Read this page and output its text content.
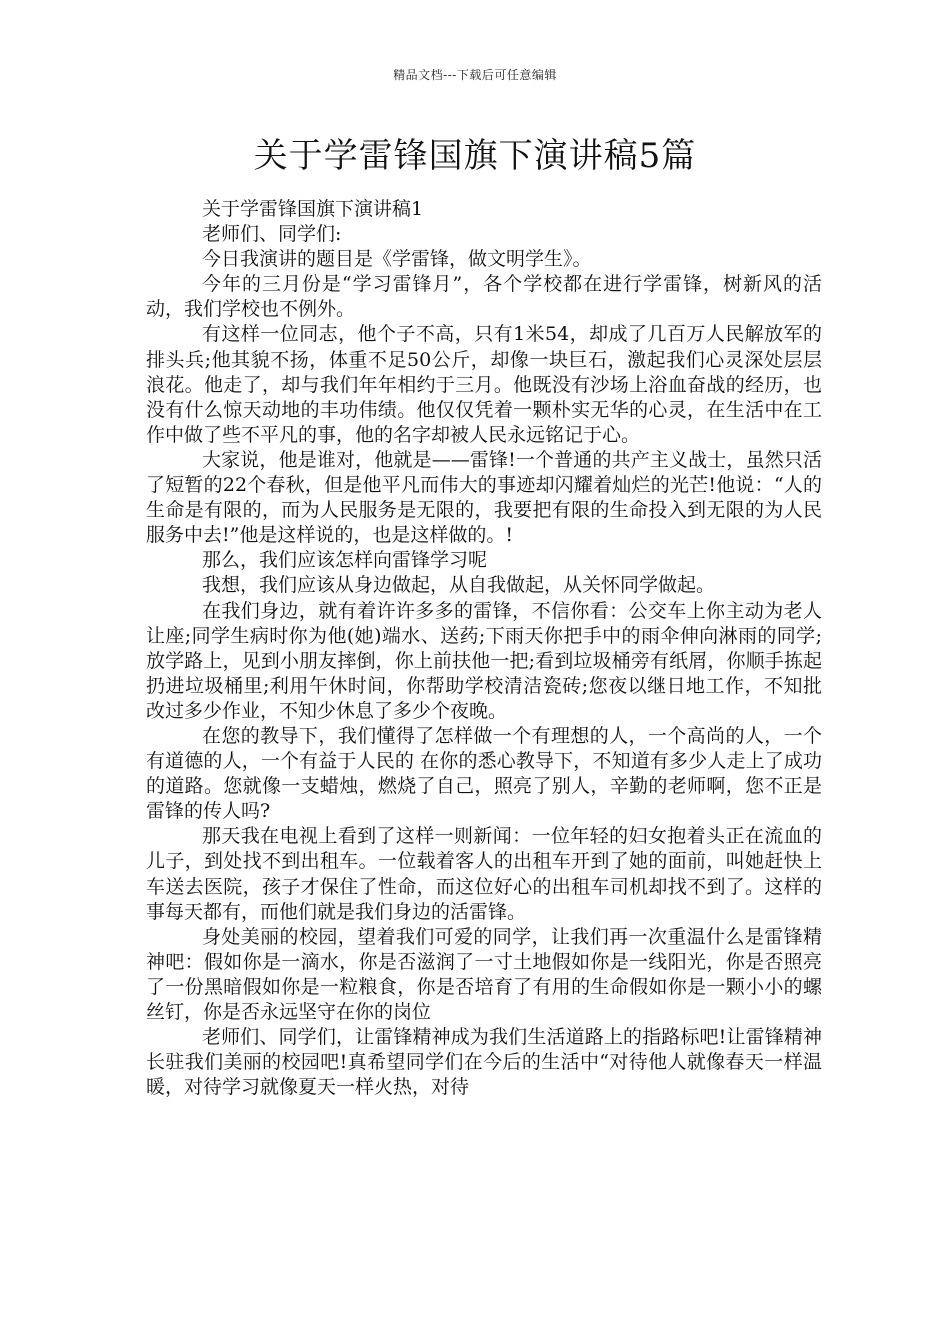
精品文档---下载后可任意编辑
关于学雷锋国旗下演讲稿5篇

关于学雷锋国旗下演讲稿1

老师们、同学们:

今日我演讲的题目是《学雷锋，做文明学生》。

今年的三月份是“学习雷锋月”，各个学校都在进行学雷锋，树新风的活动，我们学校也不例外。

有这样一位同志，他个子不高，只有1米54，却成了几百万人民解放军的排头兵;他其貌不扬，体重不足50公斤，却像一块巨石，激起我们心灵深处层层浪花。他走了，却与我们年年相约于三月。他既没有沙场上浴血奋战的经历，也没有什么惊天动地的丰功伟绩。他仅仅凭着一颗朴实无华的心灵，在生活中在工作中做了些不平凡的事，他的名字却被人民永远铭记于心。

大家说，他是谁对，他就是——雷锋!一个普通的共产主义战士，虽然只活了短暂的22个春秋，但是他平凡而伟大的事迹却闪耀着灿烂的光芒!他说：“人的生命是有限的，而为人民服务是无限的，我要把有限的生命投入到无限的为人民服务中去!”他是这样说的，也是这样做的。!

那么，我们应该怎样向雷锋学习呢

我想，我们应该从身边做起，从自我做起，从关怀同学做起。

在我们身边，就有着许许多多的雷锋，不信你看：公交车上你主动为老人让座;同学生病时你为他(她)端水、送药;下雨天你把手中的雨伞伸向淋雨的同学;放学路上，见到小朋友摔倒，你上前扶他一把;看到垃圾桶旁有纸屑，你顺手拣起扔进垃圾桶里;利用午休时间，你帮助学校清洁瓷砖;您夜以继日地工作，不知批改过多少作业，不知少休息了多少个夜晚。

在您的教导下，我们懂得了怎样做一个有理想的人，一个高尚的人，一个有道德的人，一个有益于人民的 在你的悉心教导下，不知道有多少人走上了成功的道路。您就像一支蜡烛，燃烧了自己，照亮了别人，辛勤的老师啊，您不正是雷锋的传人吗?

那天我在电视上看到了这样一则新闻：一位年轻的妇女抱着头正在流血的儿子，到处找不到出租车。一位载着客人的出租车开到了她的面前，叫她赶快上车送去医院，孩子才保住了性命，而这位好心的出租车司机却找不到了。这样的事每天都有，而他们就是我们身边的活雷锋。

身处美丽的校园，望着我们可爱的同学，让我们再一次重温什么是雷锋精神吧：假如你是一滴水，你是否滋润了一寸土地假如你是一线阳光，你是否照亮了一份黑暗假如你是一粒粮食，你是否培育了有用的生命假如你是一颗小小的螺丝钉，你是否永远坚守在你的岗位

老师们、同学们，让雷锋精神成为我们生活道路上的指路标吧!让雷锋精神长驻我们美丽的校园吧!真希望同学们在今后的生活中“对待他人就像春天一样温暖，对待学习就像夏天一样火热，对待
